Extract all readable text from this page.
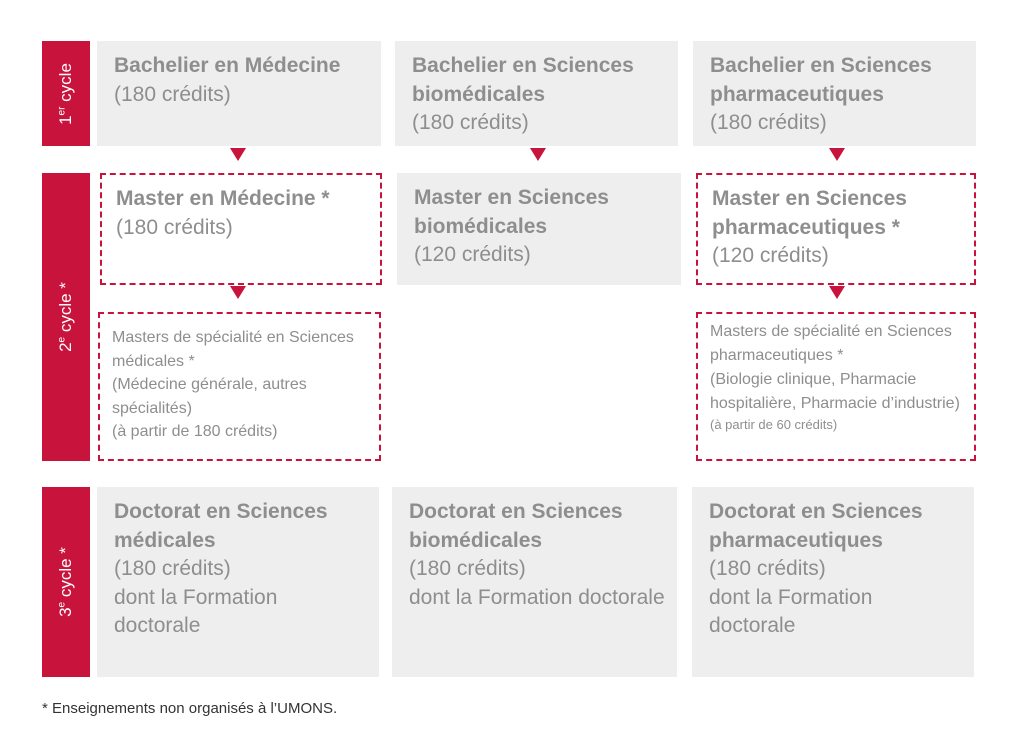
1er cycle
2e cycle *
3e cycle *
Bachelier en Médecine
(180 crédits)
Bachelier en Sciences biomédicales
(180 crédits)
Bachelier en Sciences pharmaceutiques
(180 crédits)
Master en Médecine *
(180 crédits)
Master en Sciences biomédicales
(120 crédits)
Master en Sciences pharmaceutiques *
(120 crédits)
Masters de spécialité en Sciences médicales *
(Médecine générale, autres spécialités)
(à partir de 180 crédits)
Masters de spécialité en Sciences pharmaceutiques *
(Biologie clinique, Pharmacie hospitalière, Pharmacie d’industrie)
(à partir de 60 crédits)
Doctorat en Sciences médicales
(180 crédits)
dont la Formation doctorale
Doctorat en Sciences biomédicales
(180 crédits)
dont la Formation doctorale
Doctorat en Sciences pharmaceutiques
(180 crédits)
dont la Formation doctorale
* Enseignements non organisés à l’UMONS.
